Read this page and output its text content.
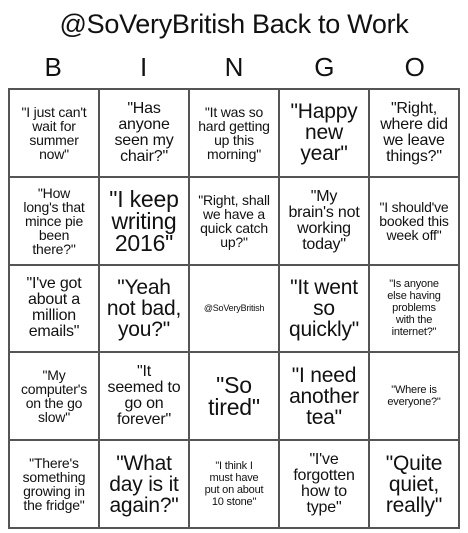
@SoVeryBritish Back to Work
B	I	N	G	O
"I just can't
wait for
summer
now"
"Has
anyone
seen my
chair?"
"It was so
hard getting
up this
morning"
"Happy
new
year"
"Right,
where did
we leave
things?"
"How
long's that
mince pie
been
there?"
"I keep
writing
2016"
"Right, shall
we have a
quick catch
up?"
"My
brain's not
working
today"
"I should've
booked this
week off"
"I've got
about a
million
emails"
"Yeah
not bad,
you?"
@SoVeryBritish
"It went
so
quickly"
"Is anyone
else having
problems
with the
internet?"
"My
computer's
on the go
slow"
"It
seemed to
go on
forever"
"So
tired"
"I need
another
tea"
"Where is
everyone?"
"There's
something
growing in
the fridge"
"What
day is it
again?"
"I think I
must have
put on about
10 stone"
"I've
forgotten
how to
type"
"Quite
quiet,
really"
